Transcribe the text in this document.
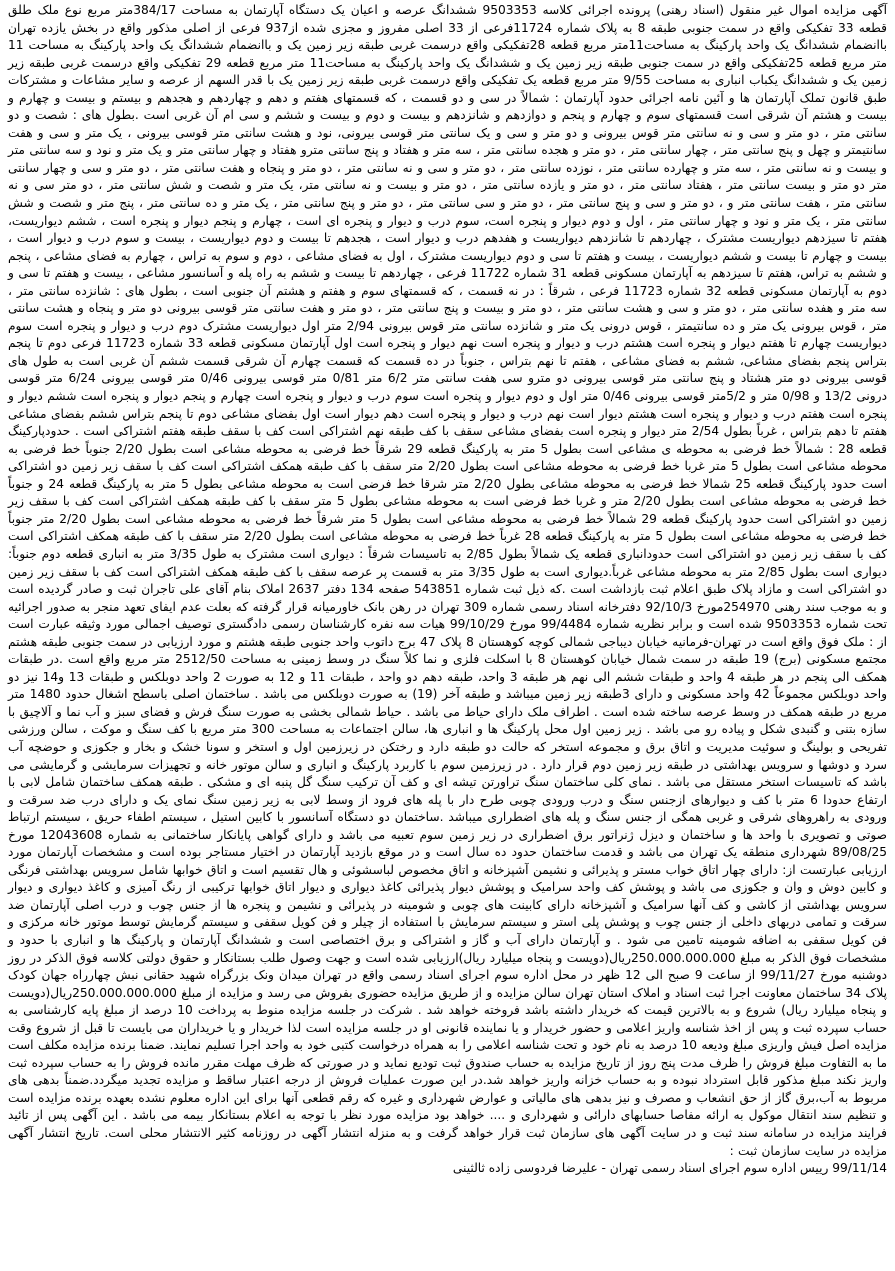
آگهی مزایده اموال غیر منقول (اسناد رهنی) پرونده اجرائی کلاسه 9503353 ششدانگ عرصه و اعیان یک دستگاه آپارتمان به مساحت 384/17متر مربع نوع ملک طلق قطعه 33 تفکیکی واقع در سمت جنوبی طبقه 8 به پلاک شماره 11724فرعی از 33 اصلی مفروز و مجزی شده از937 فرعی از اصلی مذکور واقع در بخش یازده تهران باانضمام ششدانگ یک واحد پارکینگ به مساحت11متر مربع قطعه 28تفکیکی واقع درسمت غربی طبقه زیر زمین یک و باانضمام ششدانگ یک واحد پارکینگ به مساحت 11 متر مربع قطعه 25تفکیکی واقع در سمت جنوبی طبقه زیر زمین یک و ششدانگ یک واحد پارکینگ به مساحت11 متر مربع قطعه 29 تفکیکی واقع درسمت غربی طبقه زیر زمین یک و ششدانگ یکباب انباری به مساحت 9/55 متر مربع قطعه یک تفکیکی واقع درسمت غربی طبقه زیر زمین یک با قدر السهم از عرصه و سایر مشاعات و مشترکات طبق قانون تملک آپارتمان ها و آئین نامه اجرائی حدود آپارتمان : شمالاً در سی و دو قسمت ، که قسمتهای هفتم و دهم و چهاردهم و هجدهم و بیستم و بیست و چهارم و بیست و هشتم آن شرقی است قسمتهای سوم و چهارم و پنجم و دوازدهم و شانزدهم و بیست و دوم و بیست و ششم و سی ام آن غربی است .بطول های : شصت و دو سانتی متر ، دو متر و سی و نه سانتی متر قوس بیرونی و دو متر و سی و یک سانتی متر قوسی بیرونی، نود و هشت سانتی متر قوسی بیرونی ، یک متر و سی و هفت سانتیمتر و چهل و پنج سانتی متر ، چهار سانتی متر ، دو متر و هجده سانتی متر ، سه متر و هفتاد و پنج سانتی مترو هفتاد و چهار سانتی متر و یک متر و نود و سه سانتی متر و بیست و نه سانتی متر ، سه متر و چهارده سانتی متر ، نوزده سانتی متر ، دو متر و سی و نه سانتی متر ، دو متر و پنجاه و هفت سانتی متر ، دو متر و سی و چهار سانتی متر دو متر و بیست سانتی متر ، هفتاد سانتی متر ، دو متر و یازده سانتی متر ، دو متر و بیست و نه سانتی متر، یک متر و شصت و شش سانتی متر ، دو متر سی و نه سانتی متر ، هفت سانتی متر و ، دو متر و سی و پنج سانتی متر ، دو متر و سی سانتی متر ، دو متر و پنج سانتی متر ، یک متر و ده سانتی متر ، پنج متر و شصت و شش سانتی متر ، یک متر و نود و چهار سانتی متر ، اول و دوم دیوار و پنجره است، سوم درب و دیوار و پنجره ای است ، چهارم و پنجم دیوار و پنجره است ، ششم دیواریست، هفتم تا سیزدهم دیواریست مشترک ، چهاردهم تا شانزدهم دیواریست و هفدهم درب و دیوار است ، هجدهم تا بیست و دوم دیواریست ، بیست و سوم درب و دیوار است ، بیست و چهارم تا بیست و ششم دیواریست ، بیست و هفتم تا سی و دوم دیواریست مشترک ، اول به فضای مشاعی ، دوم و سوم به تراس ، چهارم به فضای مشاعی ، پنجم و ششم به تراس، هفتم تا سیزدهم به آپارتمان مسکونی قطعه 31 شماره 11722 فرعی ، چهاردهم تا بیست و ششم به راه پله و آسانسور مشاعی ، بیست و هفتم تا سی و دوم به آپارتمان مسکونی قطعه 32 شماره 11723 فرعی ، شرقاً : در نه قسمت ، که قسمتهای سوم و هفتم و هشتم آن جنوبی است ، بطول های : شانزده سانتی متر ، سه متر و هفده سانتی متر ، دو متر و سی و هشت سانتی متر ، دو متر و بیست و پنج سانتی متر ، دو متر و هفت سانتی متر قوسی بیرونی دو متر و پنجاه و هشت سانتی متر ، قوس بیرونی یک متر و ده سانتیمتر ، قوس درونی یک متر و شانزده سانتی متر قوس بیرونی 2/94 متر اول دیواریست مشترک دوم درب و دیوار و پنجره است سوم دیواریست چهارم تا هفتم دیوار و پنجره است هشتم درب و دیوار و پنجره است نهم دیوار و پنجره است اول آپارتمان مسکونی قطعه 33 شماره 11723 فرعی دوم تا پنجم بتراس پنجم بفضای مشاعی، ششم به فضای مشاعی ، هفتم تا نهم بتراس ، جنوباً در ده قسمت که قسمت چهارم آن شرقی قسمت ششم آن غربی است به طول های قوسی بیرونی دو متر هشتاد و پنج سانتی متر قوسی بیرونی دو مترو سی هفت سانتی متر 6/2 متر 0/81 متر قوسی بیرونی 0/46 متر قوسی بیرونی 6/24 متر قوسی درونی 13/2 و 0/98 متر و 5/2متر قوسی بیرونی 0/46 متر اول و دوم دیوار و پنجره است سوم درب و دیوار و پنجره است چهارم و پنجم دیوار و پنجره است ششم دیوار و پنجره است هفتم درب و دیوار و پنجره است هشتم دیوار است نهم درب و دیوار و پنجره است دهم دیوار است اول بفضای مشاعی دوم تا پنجم بتراس ششم بفضای مشاعی هفتم تا دهم بتراس ، غرباً بطول 2/54 متر دیوار و پنجره است بفضای مشاعی سقف با کف طبقه نهم اشتراکی است کف با سقف طبقه هفتم اشتراکی است . حدودپارکینگ قطعه 28 : شمالاً خط فرضی به محوطه ی مشاعی است بطول 5 متر به پارکینگ قطعه 29 شرقاً خط فرضی به محوطه مشاعی است بطول 2/20 جنوباً خط فرضی به محوطه مشاعی است بطول 5 متر غربا خط فرضی به محوطه مشاعی است بطول 2/20 متر سقف با کف طبقه همکف اشتراکی است کف با سقف زیر زمین دو اشتراکی است حدود پارکینگ قطعه 25 شمالا خط فرضی به محوطه مشاعی بطول 2/20 متر شرقا خط فرضی است به محوطه مشاعی بطول 5 متر به پارکینگ قطعه 24 و جنوباً خط فرضی به محوطه مشاعی است بطول 2/20 متر و غربا خط فرضی است به محوطه مشاعی بطول 5 متر سقف با کف طبقه همکف اشتراکی است کف با سقف زیر زمین دو اشتراکی است حدود پارکینگ قطعه 29 شمالاً خط فرضی به محوطه مشاعی است بطول 5 متر شرقاً خط فرضی به محوطه مشاعی است بطول 2/20 متر جنوباً خط فرضی به محوطه مشاعی است بطول 5 متر به پارکینگ قطعه 28 غرباً خط فرضی به محوطه مشاعی است بطول 2/20 متر سقف با کف طبقه همکف اشتراکی است کف با سقف زیر زمین دو اشتراکی است حدودانباری قطعه یک شمالاً بطول 2/85 به تاسیسات شرقاً : دیواری است مشترک به طول 3/35 متر به انباری قطعه دوم جنوباً: دیواری است بطول 2/85 متر به محوطه مشاعی غرباً.دیواری است به طول 3/35 متر به قسمت پر عرصه سقف با کف طبقه همکف اشتراکی است کف با سقف زیر زمین دو اشتراکی است و مازاد پلاک طبق اعلام ثبت بازداشت است .که ذیل ثبت شماره 543851 صفحه 134 دفتر 2637 املاک بنام آقای علی تاجران ثبت و صادر گردیده است و به موجب سند رهنی 254970مورخ 92/10/3 دفترخانه اسناد رسمی شماره 309 تهران در رهن بانک خاورمیانه قرار گرفته که بعلت عدم ایفای تعهد منجر به صدور اجرائیه تحت شماره 9503353 شده است و برابر نظریه شماره 99/4484 مورخ 99/10/29 هیات سه نفره کارشناسان رسمی دادگستری توصیف اجمالی مورد وثیقه عبارت است از : ملک فوق واقع است در تهران-فرمانیه خیابان دیباجی شمالی کوچه کوهستان 8 پلاک 47 برج داتوب واحد جنوبی طبقه هشتم و مورد ارزیابی در سمت جنوبی طبقه هشتم مجتمع مسکونی (برج) 19 طبقه در سمت شمال خیابان کوهستان 8 با اسکلت فلزی و نما کلاً سنگ در وسط زمینی به مساحت 2512/50 متر مربع واقع است .در طبقات همکف الی پنجم در هر طبقه 4 واحد و طبقات ششم الی نهم هر طبقه 3 واحد، طبقه دهم دو واحد ، طبقات 11 و 12 به صورت 2 واحد دوبلکس و طبقات 13 و14 نیز دو واحد دوبلکس مجموعاً 42 واحد مسکونی و دارای 3طبقه زیر زمین میباشد و طبقه آخر (19) به صورت دوبلکس می باشد . ساختمان اصلی باسطح اشغال حدود 1480 متر مربع در طبقه همکف در وسط عرصه ساخته شده است . اطراف ملک دارای حیاط می باشد . حیاط شمالی بخشی به صورت سنگ فرش و فضای سبز و آب نما و آلاچیق با سازه بتنی و گنبدی شکل و پیاده رو می باشد . زیر زمین اول محل پارکینگ ها و انباری ها، سالن اجتماعات به مساحت 300 متر مربع با کف سنگ و موکت ، سالن ورزشی تفریحی و بولینگ و سوئیت مدیریت و اتاق برق و مجموعه استخر که حالت دو طبقه دارد و رختکن در زیرزمین اول و استخر و سونا خشک و بخار و جکوزی و حوضچه آب سرد و دوشها و سرویس بهداشتی در طبقه زیر زمین دوم قرار دارد . در زیرزمین سوم با کاربرد پارکینگ و انباری و سالن موتور خانه و تجهیزات سرمایشی و گرمایشی می باشد که تاسیسات استخر مستقل می باشد . نمای کلی ساختمان سنگ تراورتن تیشه ای و کف آن ترکیب سنگ گل پنبه ای و مشکی . طبقه همکف ساختمان شامل لابی با ارتفاع حدودا 6 متر با کف و دیوارهای ازجنس سنگ و درب ورودی چوبی طرح دار با پله های فرود از وسط لابی به زیر زمین سنگ نمای یک و دارای درب ضد سرقت و ورودی به راهروهای شرقی و غربی همگی از جنس سنگ و پله های اضطراری میباشد .ساختمان دو دستگاه آسانسور با کابین استیل ، سیستم اطفاء حریق ، سیستم ارتباط صوتی و تصویری با واحد ها و ساختمان و دیزل ژنراتور برق اضطراری در زیر زمین سوم تعبیه می باشد و دارای گواهی پایانکار ساختمانی به شماره 12043608 مورخ 89/08/25 شهرداری منطقه یک تهران می باشد و قدمت ساختمان حدود ده سال است و در موقع بازدید آپارتمان در اختیار مستاجر بوده است و مشخصات آپارتمان مورد ارزیابی عبارتست از: دارای چهار اتاق خواب مستر و پذیرائی و نشیمن آشپزخانه و اتاق مخصوص لباسشوئی و هال تقسیم است و اتاق خوابها شامل سرویس بهداشتی فرنگی و کابین دوش و وان و جکوزی می باشد و پوشش کف واحد سرامیک و پوشش دیوار پذیرائی کاغذ دیواری و دیوار اتاق خوابها ترکیبی از رنگ آمیزی و کاغذ دیواری و دیوار سرویس بهداشتی از کاشی و کف آنها سرامیک و آشپزخانه دارای کابینت های چوبی و شومینه در پذیرائی و نشیمن و پنجره ها از جنس چوب و درب اصلی آپارتمان ضد سرقت و تمامی دربهای داخلی از جنس چوب و پوشش پلی استر و سیستم سرمایش با استفاده از چیلر و فن کویل سقفی و سیستم گرمایش توسط موتور خانه مرکزی و فن کویل سقفی به اضافه شومینه تامین می شود . و آپارتمان دارای آب و گاز و اشتراکی و برق اختصاصی است و ششدانگ آپارتمان و پارکینگ ها و انباری با حدود و مشخصات فوق الذکر به مبلغ 250.000.000.000ریال(دویست و پنجاه میلیارد ریال)ارزیابی شده است و جهت وصول طلب بستانکار و حقوق دولتی کلاسه فوق الذکر در روز دوشنبه مورخ 99/11/27 از ساعت 9 صبح الی 12 ظهر در محل اداره سوم اجرای اسناد رسمی واقع در تهران میدان ونک بزرگراه شهید حقانی نبش چهارراه جهان کودک پلاک 34 ساختمان معاونت اجرا ثبت اسناد و املاک استان تهران سالن مزایده و از طریق مزایده حضوری بفروش می رسد و مزایده از مبلغ 250.000.000.000ریال(دویست و پنجاه میلیارد ریال) شروع و به بالاترین قیمت که خریدار داشته باشد فروخته خواهد شد . شرکت در جلسه مزایده منوط به پرداخت 10 درصد از مبلغ پایه کارشناسی به حساب سپرده ثبت و پس از اخذ شناسه واریز اعلامی و حضور خریدار و یا نماینده قانونی او در جلسه مزایده است لذا خریدار و یا خریداران می بایست تا قبل از شروع وقت مزایده اصل فیش واریزی مبلغ ودیعه 10 درصد به نام خود و تحت شناسه اعلامی را به همراه درخواست کتبی خود به واحد اجرا تسلیم نمایند. ضمنا برنده مزایده مکلف است ما به التفاوت مبلغ فروش را ظرف مدت پنج روز از تاریخ مزایده به حساب صندوق ثبت تودیع نماید و در صورتی که ظرف مهلت مقرر مانده فروش را به حساب سپرده ثبت واریز نکند مبلغ مذکور قابل استرداد نبوده و به حساب خزانه واریز خواهد شد.در این صورت عملیات فروش از درجه اعتبار ساقط و مزایده تجدید میگردد.ضمناً بدهی های مربوط به آب،برق گاز از حق انشعاب و مصرف و نیز بدهی های مالیاتی و عوارض شهرداری و غیره که رقم قطعی آنها برای این اداره معلوم نشده بعهده برنده مزایده است و تنظیم سند انتقال موکول به ارائه مفاصا حسابهای دارائی و شهرداری و .... خواهد بود مزایده مورد نظر با توجه به اعلام بستانکار بیمه می باشد . این آگهی پس از تائید فرایند مزایده در سامانه سند ثبت و در سایت آگهی های سازمان ثبت قرار خواهد گرفت و به منزله انتشار آگهی در روزنامه کثیر الانتشار محلی است. تاریخ انتشار آگهی مزایده در سایت سازمان ثبت :

99/11/14 رییس اداره سوم اجرای اسناد رسمی تهران - علیرضا فردوسی زاده ثالثینی
